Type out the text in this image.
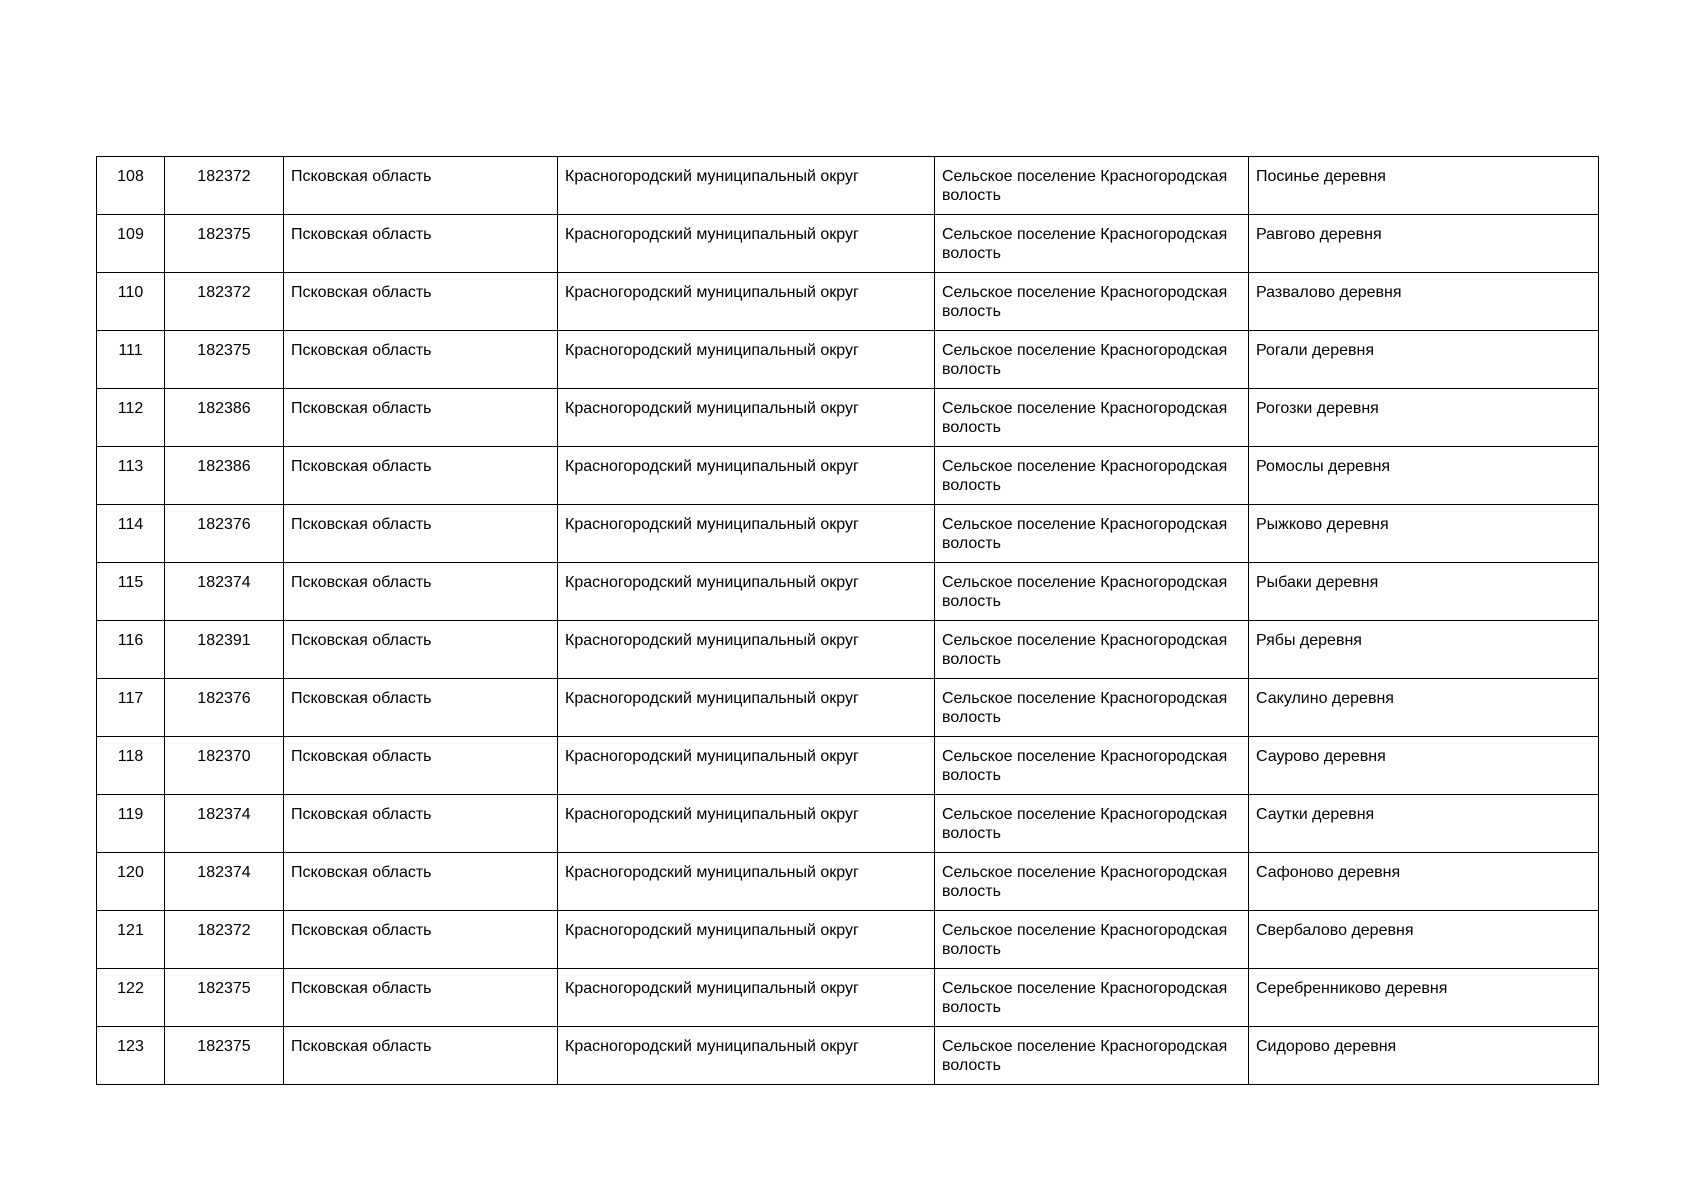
108	182372	Псковская область	Красногородский муниципальный округ	Сельское поселение Красногородская волость	Посинье деревня
109	182375	Псковская область	Красногородский муниципальный округ	Сельское поселение Красногородская волость	Равгово деревня
110	182372	Псковская область	Красногородский муниципальный округ	Сельское поселение Красногородская волость	Развалово деревня
111	182375	Псковская область	Красногородский муниципальный округ	Сельское поселение Красногородская волость	Рогали деревня
112	182386	Псковская область	Красногородский муниципальный округ	Сельское поселение Красногородская волость	Рогозки деревня
113	182386	Псковская область	Красногородский муниципальный округ	Сельское поселение Красногородская волость	Ромослы деревня
114	182376	Псковская область	Красногородский муниципальный округ	Сельское поселение Красногородская волость	Рыжково деревня
115	182374	Псковская область	Красногородский муниципальный округ	Сельское поселение Красногородская волость	Рыбаки деревня
116	182391	Псковская область	Красногородский муниципальный округ	Сельское поселение Красногородская волость	Рябы деревня
117	182376	Псковская область	Красногородский муниципальный округ	Сельское поселение Красногородская волость	Сакулино деревня
118	182370	Псковская область	Красногородский муниципальный округ	Сельское поселение Красногородская волость	Саурово деревня
119	182374	Псковская область	Красногородский муниципальный округ	Сельское поселение Красногородская волость	Саутки деревня
120	182374	Псковская область	Красногородский муниципальный округ	Сельское поселение Красногородская волость	Сафоново деревня
121	182372	Псковская область	Красногородский муниципальный округ	Сельское поселение Красногородская волость	Свербалово деревня
122	182375	Псковская область	Красногородский муниципальный округ	Сельское поселение Красногородская волость	Серебренниково деревня
123	182375	Псковская область	Красногородский муниципальный округ	Сельское поселение Красногородская волость	Сидорово деревня
